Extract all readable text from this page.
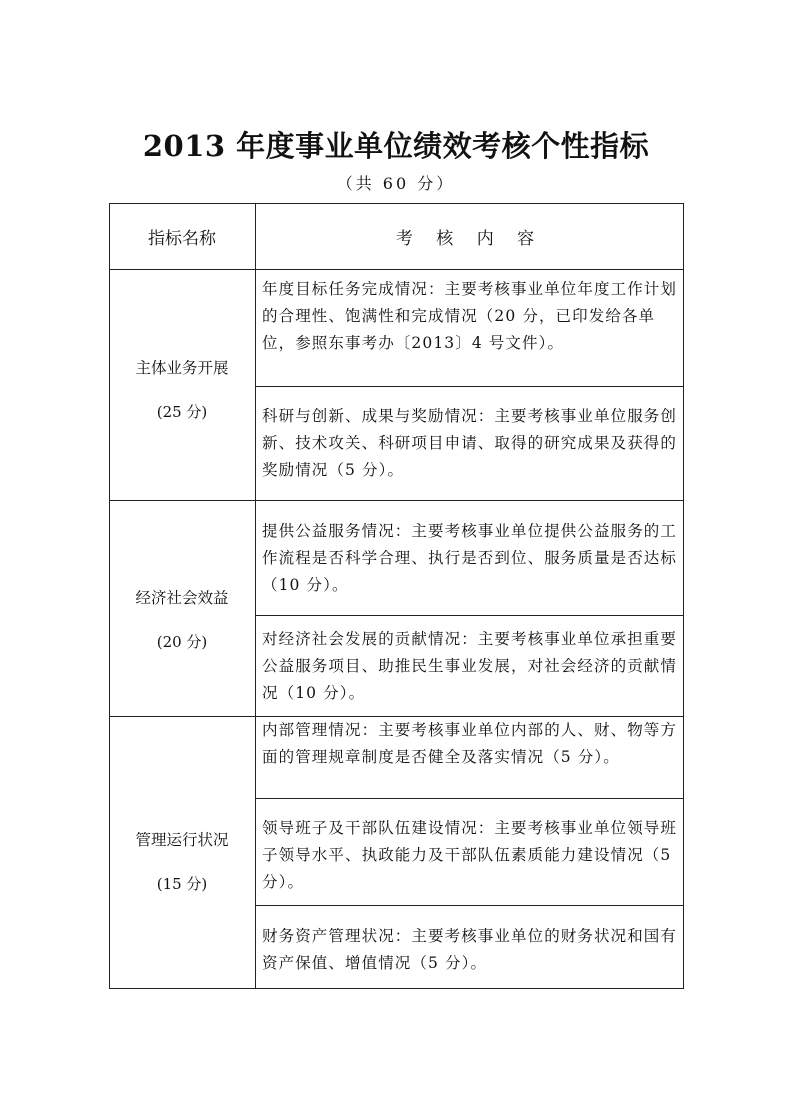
2013 年度事业单位绩效考核个性指标
（共 60 分）
指标名称	考 核 内 容
主体业务开展
(25 分)
年度目标任务完成情况：主要考核事业单位年度工作计划的合理性、饱满性和完成情况（20 分，已印发给各单位，参照东事考办〔2013〕4 号文件）。
科研与创新、成果与奖励情况：主要考核事业单位服务创新、技术攻关、科研项目申请、取得的研究成果及获得的奖励情况（5 分）。
经济社会效益
(20 分)
提供公益服务情况：主要考核事业单位提供公益服务的工作流程是否科学合理、执行是否到位、服务质量是否达标（10 分）。
对经济社会发展的贡献情况：主要考核事业单位承担重要公益服务项目、助推民生事业发展，对社会经济的贡献情况（10 分）。
管理运行状况
(15 分)
内部管理情况：主要考核事业单位内部的人、财、物等方面的管理规章制度是否健全及落实情况（5 分）。
领导班子及干部队伍建设情况：主要考核事业单位领导班子领导水平、执政能力及干部队伍素质能力建设情况（5 分）。
财务资产管理状况：主要考核事业单位的财务状况和国有资产保值、增值情况（5 分）。
